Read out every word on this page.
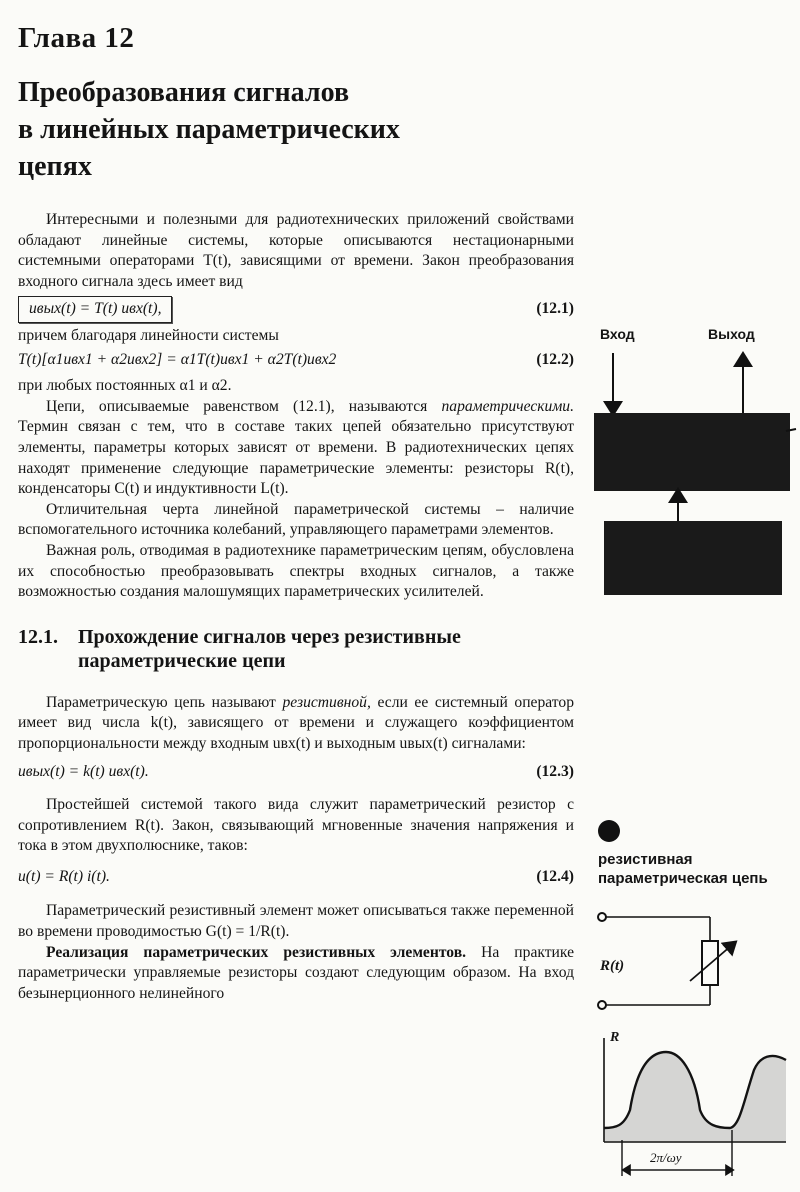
Глава 12
Преобразования сигналов
в линейных параметрических
цепях

Интересными и полезными для радиотехнических приложений свойствами обладают линейные системы, которые описываются нестационарными системными операторами T(t), зависящими от времени. Закон преобразования входного сигнала здесь имеет вид

uвых(t) = T(t) uвх(t),	(12.1)

причем благодаря линейности системы

T(t)[α1uвх1 + α2uвх2] = α1T(t)uвх1 + α2T(t)uвх2	(12.2)

при любых постоянных α1 и α2.

Цепи, описываемые равенством (12.1), называются параметрическими. Термин связан с тем, что в составе таких цепей обязательно присутствуют элементы, параметры которых зависят от времени. В радиотехнических цепях находят применение следующие параметрические элементы: резисторы R(t), конденсаторы C(t) и индуктивности L(t).

Отличительная черта линейной параметрической системы – наличие вспомогательного источника колебаний, управляющего параметрами элементов.

Важная роль, отводимая в радиотехнике параметрическим цепям, обусловлена их способностью преобразовывать спектры входных сигналов, а также возможностью создания малошумящих параметрических усилителей.

12.1. Прохождение сигналов через резистивные
параметрические цепи

Параметрическую цепь называют резистивной, если ее системный оператор имеет вид числа k(t), зависящего от времени и служащего коэффициентом пропорциональности между входным uвх(t) и выходным uвых(t) сигналами:

uвых(t) = k(t) uвх(t).	(12.3)

Простейшей системой такого вида служит параметрический резистор с сопротивлением R(t). Закон, связывающий мгновенные значения напряжения и тока в этом двухполюснике, таков:

u(t) = R(t) i(t).	(12.4)

Параметрический резистивный элемент может описываться также переменной во времени проводимостью G(t) = 1/R(t).

Реализация параметрических резистивных элементов. На практике параметрически управляемые резисторы создают следующим образом. На вход безынерционного нелинейного

Вход	Выход
резистивная параметрическая цепь
R(t)
R
2π/ωу
